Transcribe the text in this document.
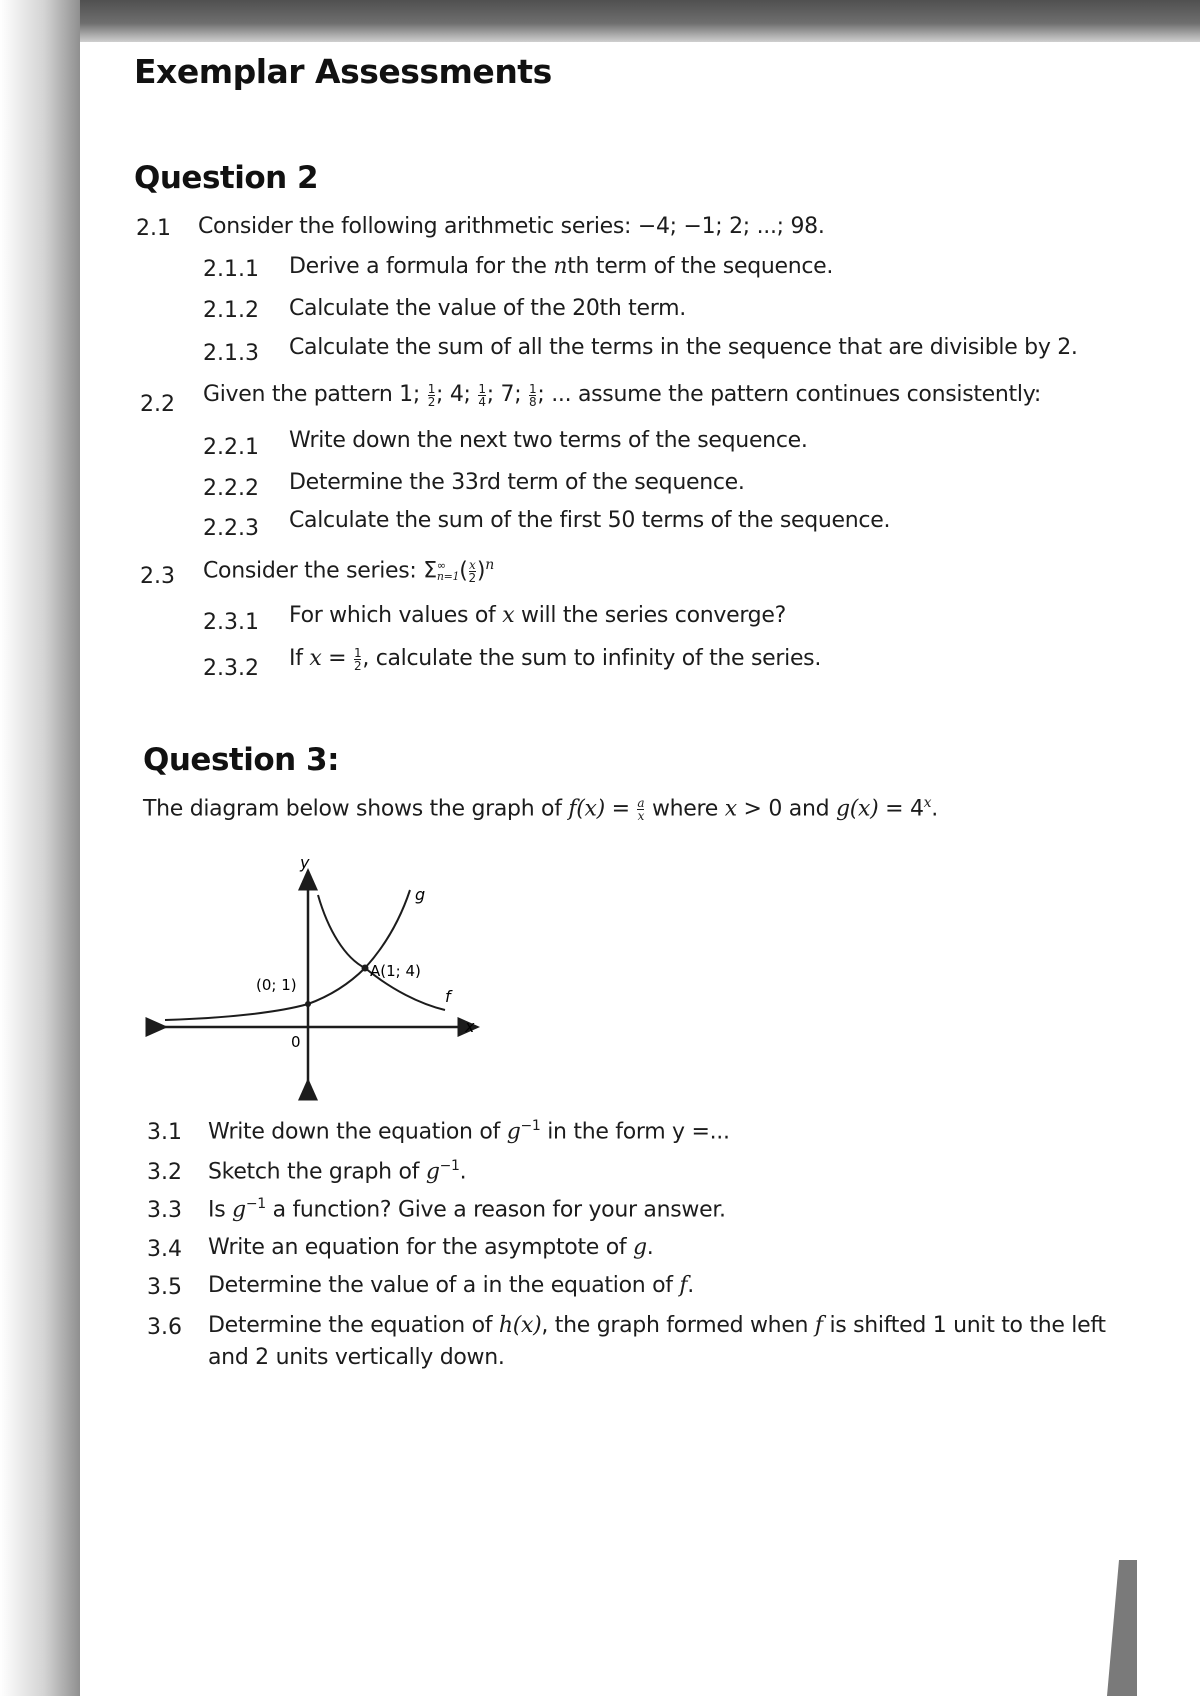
Exemplar Assessments
Question 2
2.1 Consider the following arithmetic series: −4; −1; 2; ...; 98.
2.1.1 Derive a formula for the nth term of the sequence.
2.1.2 Calculate the value of the 20th term.
2.1.3 Calculate the sum of all the terms in the sequence that are divisible by 2.
2.2 Given the pattern 1; $\frac{1}{2}$ ; 4; $\frac{1}{4}$ ; 7; $\frac{1}{8}$ ; ... assume the pattern continues consistently:
2.2.1 Write down the next two terms of the sequence.
2.2.2 Determine the 33rd term of the sequence.
2.2.3 Calculate the sum of the first 50 terms of the sequence.
2.3 Consider the series: Σ ∞
n=1 ( $\frac{x}{2} )^n$
2.3.1 For which values of x will the series converge?
2.3.2 If $x = \frac{1}{2}$ , calculate the sum to infinity of the series.
Question 3:
The diagram below shows the graph of $f(x) = \frac{a}{x}$ where x > 0 and $g(x) = 4^x$.
y
x
g
f
A(1; 4)
(0; 1)
0
3.1 Write down the equation of $g^{-1}$ in the form y =...
3.2 Sketch the graph of $g^{-1}$.
3.3 Is $g^{-1}$ a function? Give a reason for your answer.
3.4 Write an equation for the asymptote of g.
3.5 Determine the value of a in the equation of f.
3.6 Determine the equation of h(x), the graph formed when f is shifted 1 unit to the left
and 2 units vertically down.
